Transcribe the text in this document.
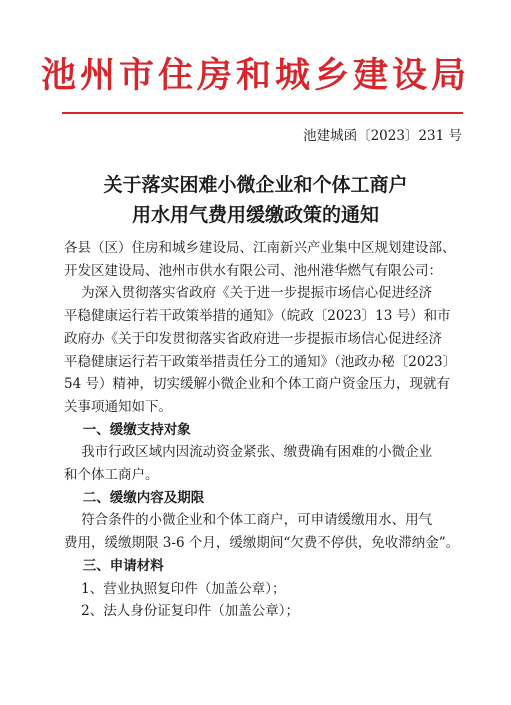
池州市住房和城乡建设局
池建城函〔2023〕231 号
关于落实困难小微企业和个体工商户
用水用气费用缓缴政策的通知

各县（区）住房和城乡建设局、江南新兴产业集中区规划建设部、

开发区建设局、池州市供水有限公司、池州港华燃气有限公司：

为深入贯彻落实省政府《关于进一步提振市场信心促进经济

平稳健康运行若干政策举措的通知》（皖政〔2023〕13 号）和市

政府办《关于印发贯彻落实省政府进一步提振市场信心促进经济

平稳健康运行若干政策举措责任分工的通知》（池政办秘〔2023〕

54 号）精神，切实缓解小微企业和个体工商户资金压力，现就有

关事项通知如下。

一、缓缴支持对象

我市行政区域内因流动资金紧张、缴费确有困难的小微企业

和个体工商户。

二、缓缴内容及期限

符合条件的小微企业和个体工商户，可申请缓缴用水、用气

费用，缓缴期限 3-6 个月，缓缴期间“欠费不停供，免收滞纳金”。

三、申请材料

1、营业执照复印件（加盖公章）；

2、法人身份证复印件（加盖公章）；
